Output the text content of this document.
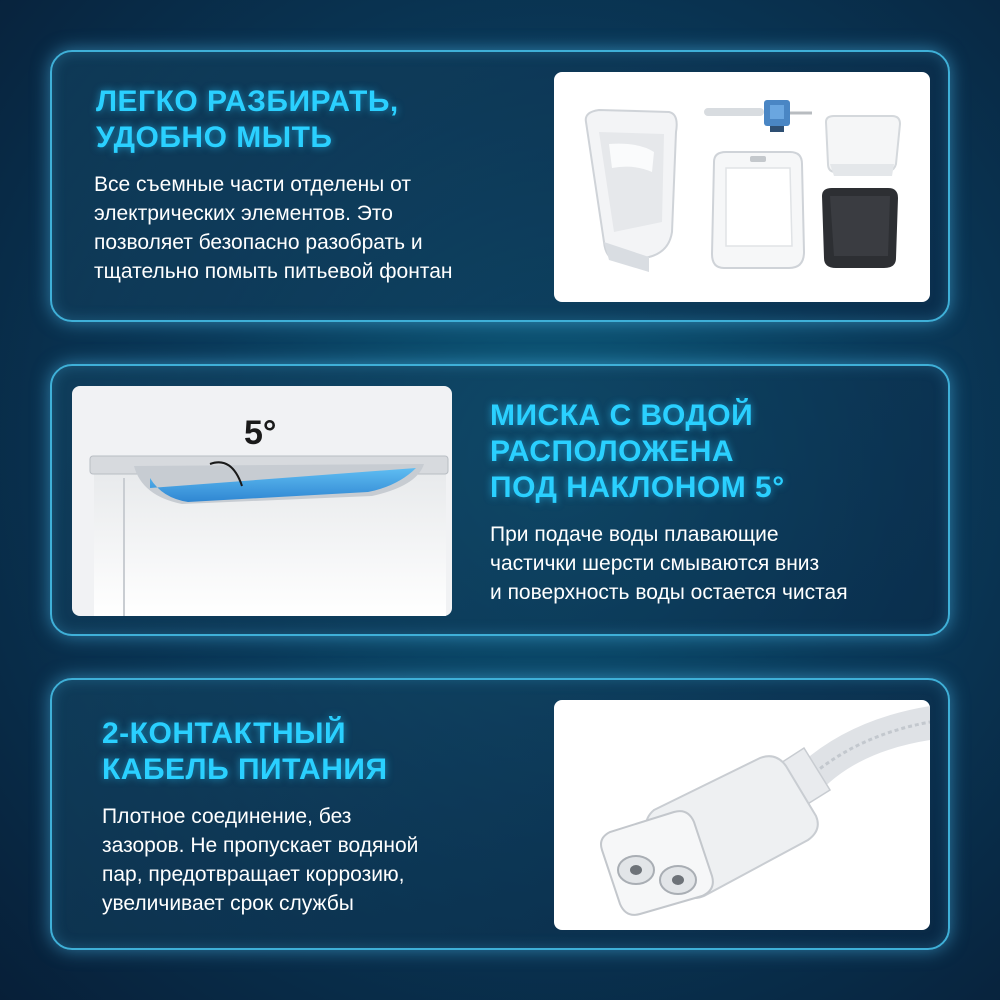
ЛЕГКО РАЗБИРАТЬ,
УДОБНО МЫТЬ

Все съемные части отделены от
электрических элементов. Это
позволяет безопасно разобрать и
тщательно помыть питьевой фонтан

5°	МИСКА С ВОДОЙ
РАСПОЛОЖЕНА
ПОД НАКЛОНОМ 5°

При подаче воды плавающие
частички шерсти смываются вниз
и поверхность воды остается чистая

2-КОНТАКТНЫЙ
КАБЕЛЬ ПИТАНИЯ

Плотное соединение, без
зазоров. Не пропускает водяной
пар, предотвращает коррозию,
увеличивает срок службы
